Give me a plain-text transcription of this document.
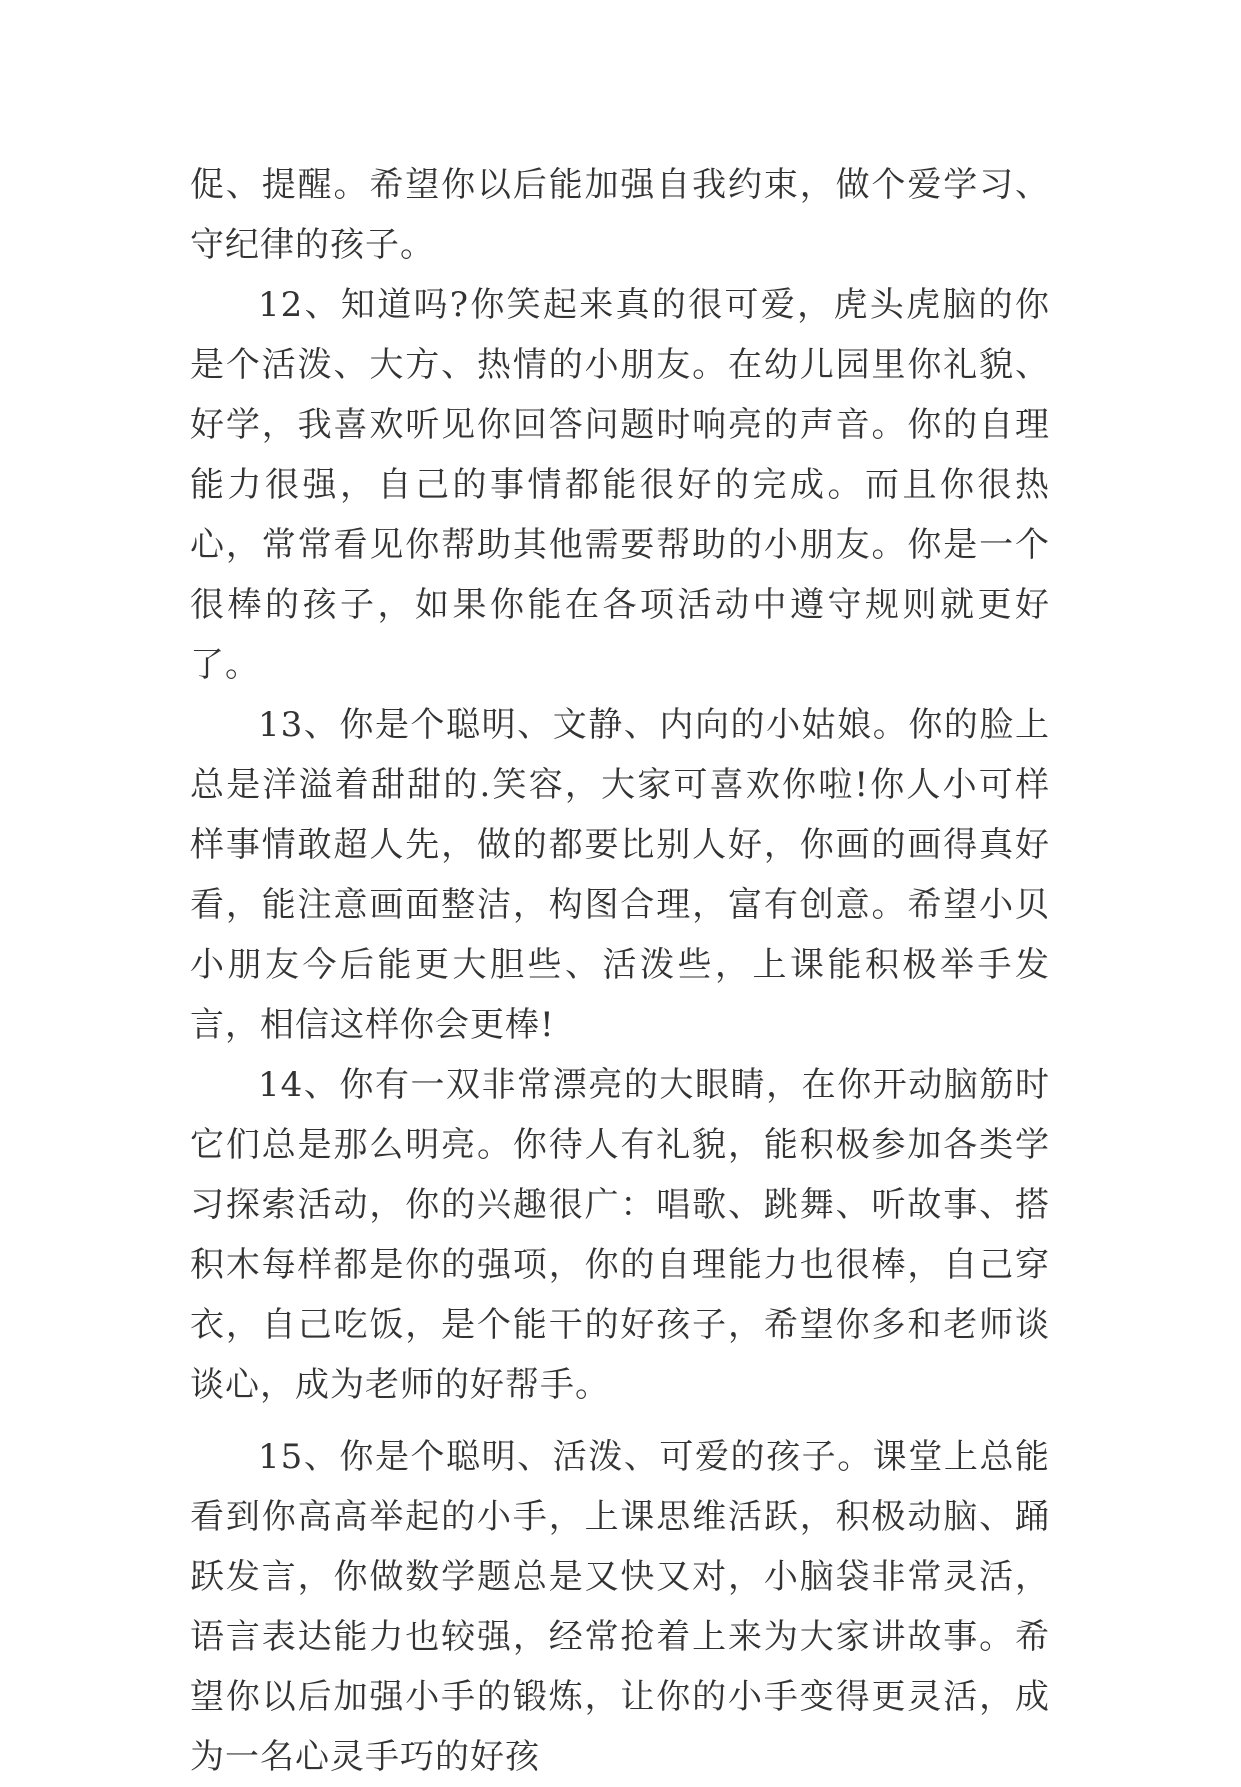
促、提醒。希望你以后能加强自我约束，做个爱学习、守纪律的孩子。

12、知道吗?你笑起来真的很可爱，虎头虎脑的你是个活泼、大方、热情的小朋友。在幼儿园里你礼貌、好学，我喜欢听见你回答问题时响亮的声音。你的自理能力很强，自己的事情都能很好的完成。而且你很热心，常常看见你帮助其他需要帮助的小朋友。你是一个很棒的孩子，如果你能在各项活动中遵守规则就更好了。

13、你是个聪明、文静、内向的小姑娘。你的脸上总是洋溢着甜甜的.笑容，大家可喜欢你啦!你人小可样样事情敢超人先，做的都要比别人好，你画的画得真好看，能注意画面整洁，构图合理，富有创意。希望小贝小朋友今后能更大胆些、活泼些，上课能积极举手发言，相信这样你会更棒!

14、你有一双非常漂亮的大眼睛，在你开动脑筋时它们总是那么明亮。你待人有礼貌，能积极参加各类学习探索活动，你的兴趣很广：唱歌、跳舞、听故事、搭积木每样都是你的强项，你的自理能力也很棒，自己穿衣，自己吃饭，是个能干的好孩子，希望你多和老师谈谈心，成为老师的好帮手。

15、你是个聪明、活泼、可爱的孩子。课堂上总能看到你高高举起的小手，上课思维活跃，积极动脑、踊跃发言，你做数学题总是又快又对，小脑袋非常灵活，语言表达能力也较强，经常抢着上来为大家讲故事。希望你以后加强小手的锻炼，让你的小手变得更灵活，成为一名心灵手巧的好孩
